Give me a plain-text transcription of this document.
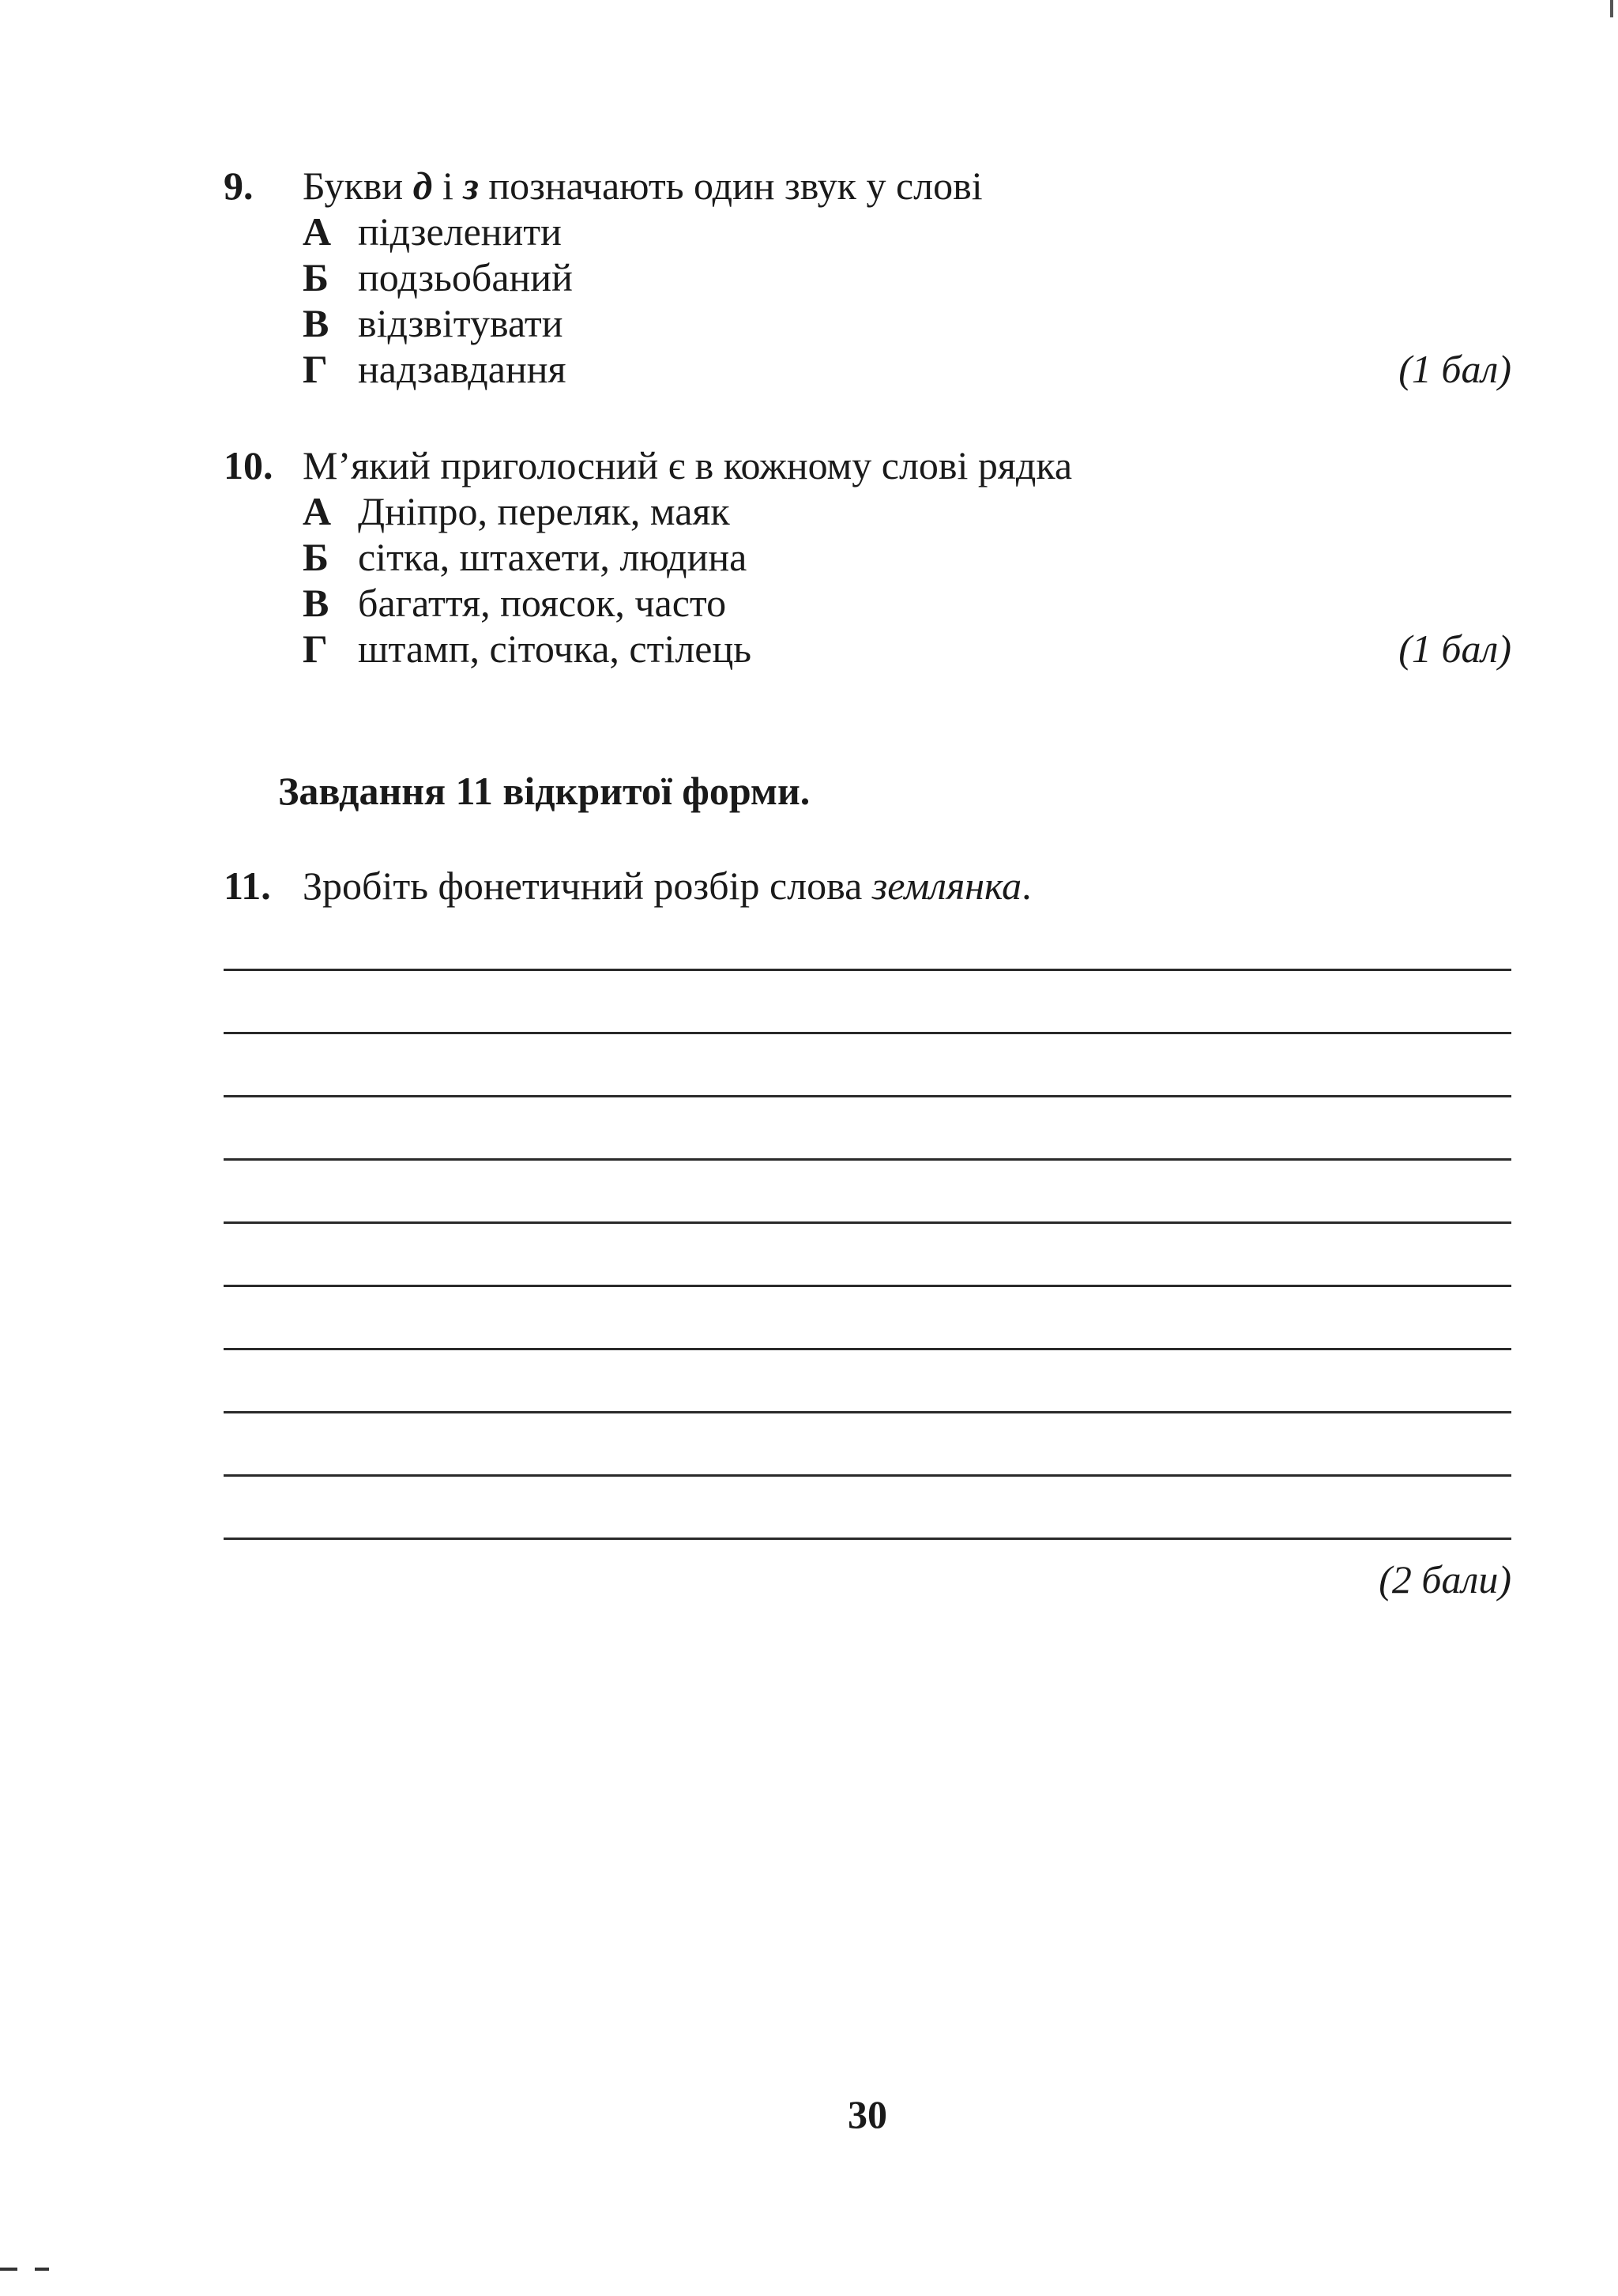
9.	Букви д і з позначають один звук у слові
А підзеленити
Б подзьобаний
В відзвітувати
Г надзавдання	(1 бал)
10. М’який приголосний є в кожному слові рядка
А Дніпро, переляк, маяк
Б сітка, штахети, людина
В багаття, поясок, часто
Г штамп, сіточка, стілець	(1 бал)
Завдання 11 відкритої форми.
11. Зробіть фонетичний розбір слова землянка.
(2 бали)
30
